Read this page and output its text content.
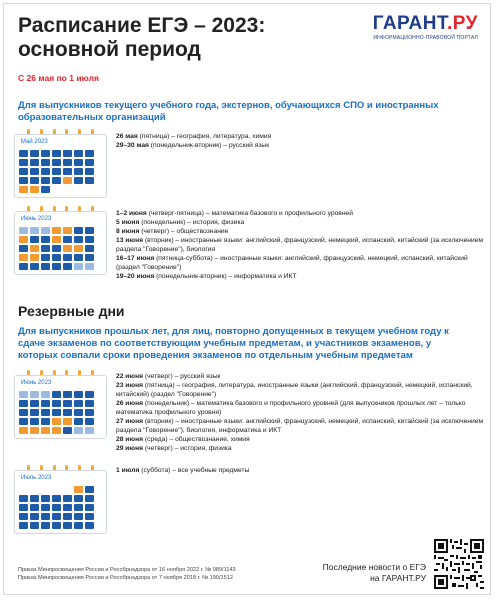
Расписание ЕГЭ – 2023:
основной период
ГАРАНТ.РУ
ИНФОРМАЦИОННО-ПРАВОВОЙ ПОРТАЛ
С 26 мая по 1 июля
Для выпускников текущего учебного года, экстернов, обучающихся СПО и иностранных образовательных организаций
Май 2023
26 мая (пятница) – география, литература, химия
29–30 мая (понедельник-вторник) – русский язык
Июнь 2023
1–2 июня (четверг-пятница) – математика базового и профильного уровней
5 июня (понедельник) – история, физика
8 июня (четверг) – обществознание
13 июня (вторник) – иностранные языки: английский, французский, немецкий, испанский, китайский (за исключением раздела "Говорение"), биология
16–17 июня (пятница-суббота) – иностранные языки: английский, французский, немецкий, испанский, китайский (раздел "Говорение")
19–20 июня (понедельник-вторник) – информатика и ИКТ
Резервные дни
Для выпускников прошлых лет, для лиц, повторно допущенных в текущем учебном году к сдаче экзаменов по соответствующим учебным предметам, и участников экзаменов, у которых совпали сроки проведения экзаменов по отдельным учебным предметам
Июнь 2023
22 июня (четверг) – русский язык
23 июня (пятница) – география, литература, иностранные языки (английский, французский, немецкий, испанский, китайский) (раздел "Говорение")
26 июня (понедельник) – математика базового и профильного уровней (для выпускников прошлых лет – только математика профильного уровня)
27 июня (вторник) – иностранные языки: английский, французский, немецкий, испанский, китайский (за исключением раздела "Говорение"), биология, информатика и ИКТ
28 июня (среда) – обществознание, химия
29 июня (четверг) – история, физика
Июль 2023
1 июля (суббота) – все учебные предметы
Приказ Минпросвещения России и Рособрнадзора от 16 ноября 2022 г. № 989/1143
Приказ Минпросвещения России и Рособрнадзора от 7 ноября 2018 г. № 190/1512
Последние новости о ЕГЭ
на ГАРАНТ.РУ
